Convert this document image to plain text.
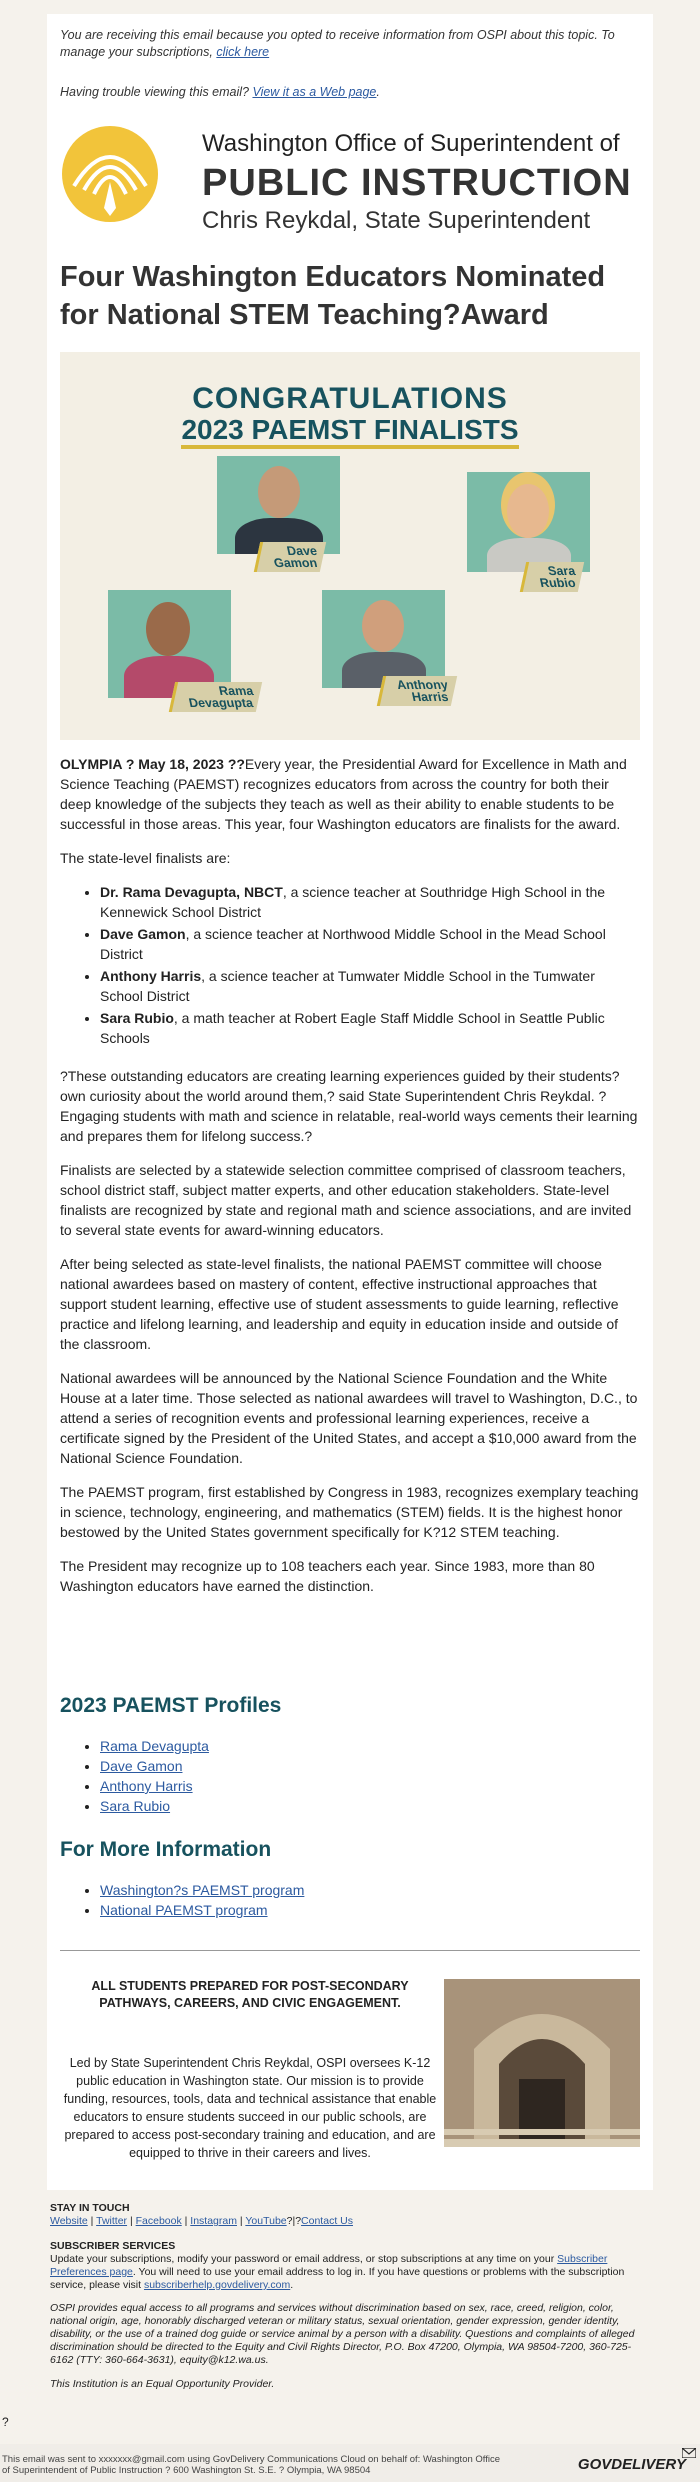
You are receiving this email because you opted to receive information from OSPI about this topic. To manage your subscriptions, click here
Having trouble viewing this email? View it as a Web page.
Washington Office of Superintendent of
PUBLIC INSTRUCTION
Chris Reykdal, State Superintendent
Four Washington Educators Nominated for National STEM Teaching?Award
CONGRATULATIONS
2023 PAEMST FINALISTS
Dave
Gamon
Sara
Rubio
Rama
Devagupta
Anthony
Harris

OLYMPIA ? May 18, 2023 ??Every year, the Presidential Award for Excellence in Math and Science Teaching (PAEMST) recognizes educators from across the country for both their deep knowledge of the subjects they teach as well as their ability to enable students to be successful in those areas. This year, four Washington educators are finalists for the award.

The state-level finalists are:

• Dr. Rama Devagupta, NBCT, a science teacher at Southridge High School in the Kennewick School District
• Dave Gamon, a science teacher at Northwood Middle School in the Mead School District
• Anthony Harris, a science teacher at Tumwater Middle School in the Tumwater School District
• Sara Rubio, a math teacher at Robert Eagle Staff Middle School in Seattle Public Schools

?These outstanding educators are creating learning experiences guided by their students? own curiosity about the world around them,? said State Superintendent Chris Reykdal. ?Engaging students with math and science in relatable, real-world ways cements their learning and prepares them for lifelong success.?

Finalists are selected by a statewide selection committee comprised of classroom teachers, school district staff, subject matter experts, and other education stakeholders. State-level finalists are recognized by state and regional math and science associations, and are invited to several state events for award-winning educators.

After being selected as state-level finalists, the national PAEMST committee will choose national awardees based on mastery of content, effective instructional approaches that support student learning, effective use of student assessments to guide learning, reflective practice and lifelong learning, and leadership and equity in education inside and outside of the classroom.

National awardees will be announced by the National Science Foundation and the White House at a later time. Those selected as national awardees will travel to Washington, D.C., to attend a series of recognition events and professional learning experiences, receive a certificate signed by the President of the United States, and accept a $10,000 award from the National Science Foundation.

The PAEMST program, first established by Congress in 1983, recognizes exemplary teaching in science, technology, engineering, and mathematics (STEM) fields. It is the highest honor bestowed by the United States government specifically for K?12 STEM teaching.

The President may recognize up to 108 teachers each year. Since 1983, more than 80 Washington educators have earned the distinction.

2023 PAEMST Profiles
• Rama Devagupta
• Dave Gamon
• Anthony Harris
• Sara Rubio
For More Information
• Washington?s PAEMST program
• National PAEMST program
ALL STUDENTS PREPARED FOR POST-SECONDARY PATHWAYS, CAREERS, AND CIVIC ENGAGEMENT.
Led by State Superintendent Chris Reykdal, OSPI oversees K-12 public education in Washington state. Our mission is to provide funding, resources, tools, data and technical assistance that enable educators to ensure students succeed in our public schools, are prepared to access post-secondary training and education, and are equipped to thrive in their careers and lives.
STAY IN TOUCH
Website | Twitter | Facebook | Instagram | YouTube?|?Contact Us
SUBSCRIBER SERVICES
Update your subscriptions, modify your password or email address, or stop subscriptions at any time on your Subscriber Preferences page. You will need to use your email address to log in. If you have questions or problems with the subscription service, please visit subscriberhelp.govdelivery.com.
OSPI provides equal access to all programs and services without discrimination based on sex, race, creed, religion, color, national origin, age, honorably discharged veteran or military status, sexual orientation, gender expression, gender identity, disability, or the use of a trained dog guide or service animal by a person with a disability. Questions and complaints of alleged discrimination should be directed to the Equity and Civil Rights Director, P.O. Box 47200, Olympia, WA 98504-7200, 360-725-6162 (TTY: 360-664-3631), equity@k12.wa.us.
This Institution is an Equal Opportunity Provider.
?
This email was sent to xxxxxxx@gmail.com using GovDelivery Communications Cloud on behalf of: Washington Office of Superintendent of Public Instruction ? 600 Washington St. S.E. ? Olympia, WA 98504	GOVDELIVERY
